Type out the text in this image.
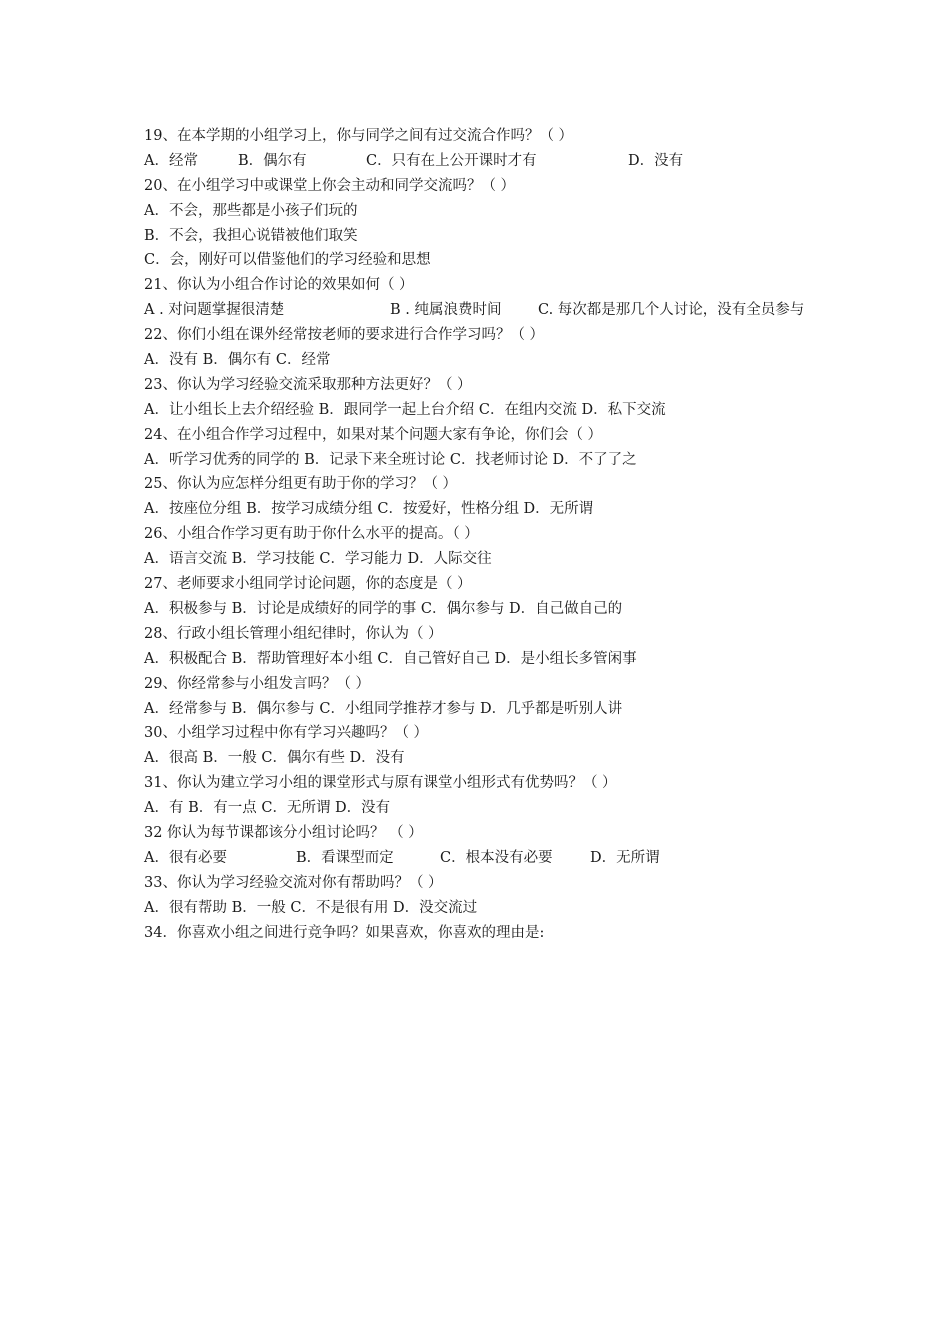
19、在本学期的小组学习上，你与同学之间有过交流合作吗？（ ）
A．经常	B．偶尔有	C．只有在上公开课时才有	D．没有
20、在小组学习中或课堂上你会主动和同学交流吗？（ ）
A．不会，那些都是小孩子们玩的
B．不会，我担心说错被他们取笑
C．会，刚好可以借鉴他们的学习经验和思想
21、你认为小组合作讨论的效果如何（ ）
A . 对问题掌握很清楚	B . 纯属浪费时间	C. 每次都是那几个人讨论，没有全员参与
22、你们小组在课外经常按老师的要求进行合作学习吗？（ ）
A．没有 B．偶尔有 C．经常
23、你认为学习经验交流采取那种方法更好？（ ）
A．让小组长上去介绍经验 B．跟同学一起上台介绍 C．在组内交流 D．私下交流
24、在小组合作学习过程中，如果对某个问题大家有争论，你们会（ ）
A．听学习优秀的同学的 B．记录下来全班讨论 C．找老师讨论 D．不了了之
25、你认为应怎样分组更有助于你的学习？（ ）
A．按座位分组 B．按学习成绩分组 C．按爱好，性格分组 D．无所谓
26、小组合作学习更有助于你什么水平的提高。（ ）
A．语言交流 B．学习技能 C．学习能力 D．人际交往
27、老师要求小组同学讨论问题，你的态度是（ ）
A．积极参与 B．讨论是成绩好的同学的事 C．偶尔参与 D．自己做自己的
28、行政小组长管理小组纪律时，你认为（ ）
A．积极配合 B．帮助管理好本小组 C．自己管好自己 D．是小组长多管闲事
29、你经常参与小组发言吗？（ ）
A．经常参与 B．偶尔参与 C．小组同学推荐才参与 D．几乎都是听别人讲
30、小组学习过程中你有学习兴趣吗？（ ）
A．很高 B．一般 C．偶尔有些 D．没有
31、你认为建立学习小组的课堂形式与原有课堂小组形式有优势吗？（ ）
A．有 B．有一点 C．无所谓 D．没有
32 你认为每节课都该分小组讨论吗？ （ ）
A．很有必要	B．看课型而定	C．根本没有必要	D．无所谓
33、你认为学习经验交流对你有帮助吗？（ ）
A．很有帮助 B．一般 C．不是很有用 D．没交流过
34．你喜欢小组之间进行竞争吗？如果喜欢，你喜欢的理由是:
